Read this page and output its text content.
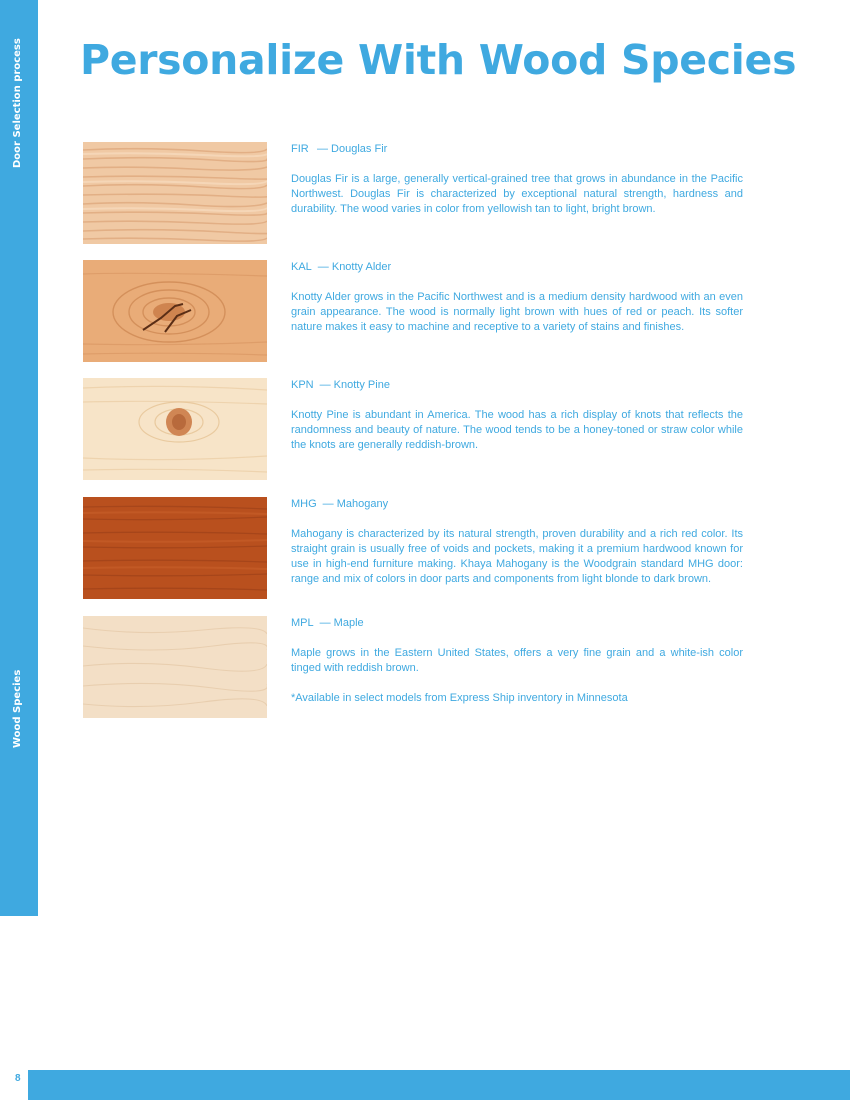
Door Selection process
Wood Species
Personalize With Wood Species
FIR — Douglas Fir

Douglas Fir is a large, generally vertical-grained tree that grows in abundance in the Pacific Northwest. Douglas Fir is characterized by exceptional natural strength, hardness and durability. The wood varies in color from yellowish tan to light, bright brown.

KAL — Knotty Alder

Knotty Alder grows in the Pacific Northwest and is a medium density hardwood with an even grain appearance. The wood is normally light brown with hues of red or peach. Its softer nature makes it easy to machine and receptive to a variety of stains and finishes.

KPN — Knotty Pine

Knotty Pine is abundant in America. The wood has a rich display of knots that reflects the randomness and beauty of nature. The wood tends to be a honey-toned or straw color while the knots are generally reddish-brown.

MHG — Mahogany

Mahogany is characterized by its natural strength, proven durability and a rich red color. Its straight grain is usually free of voids and pockets, making it a premium hardwood known for use in high-end furniture making. Khaya Mahogany is the Woodgrain standard MHG door: range and mix of colors in door parts and components from light blonde to dark brown.

MPL — Maple

Maple grows in the Eastern United States, offers a very fine grain and a white-ish color tinged with reddish brown.

*Available in select models from Express Ship inventory in Minnesota

8
